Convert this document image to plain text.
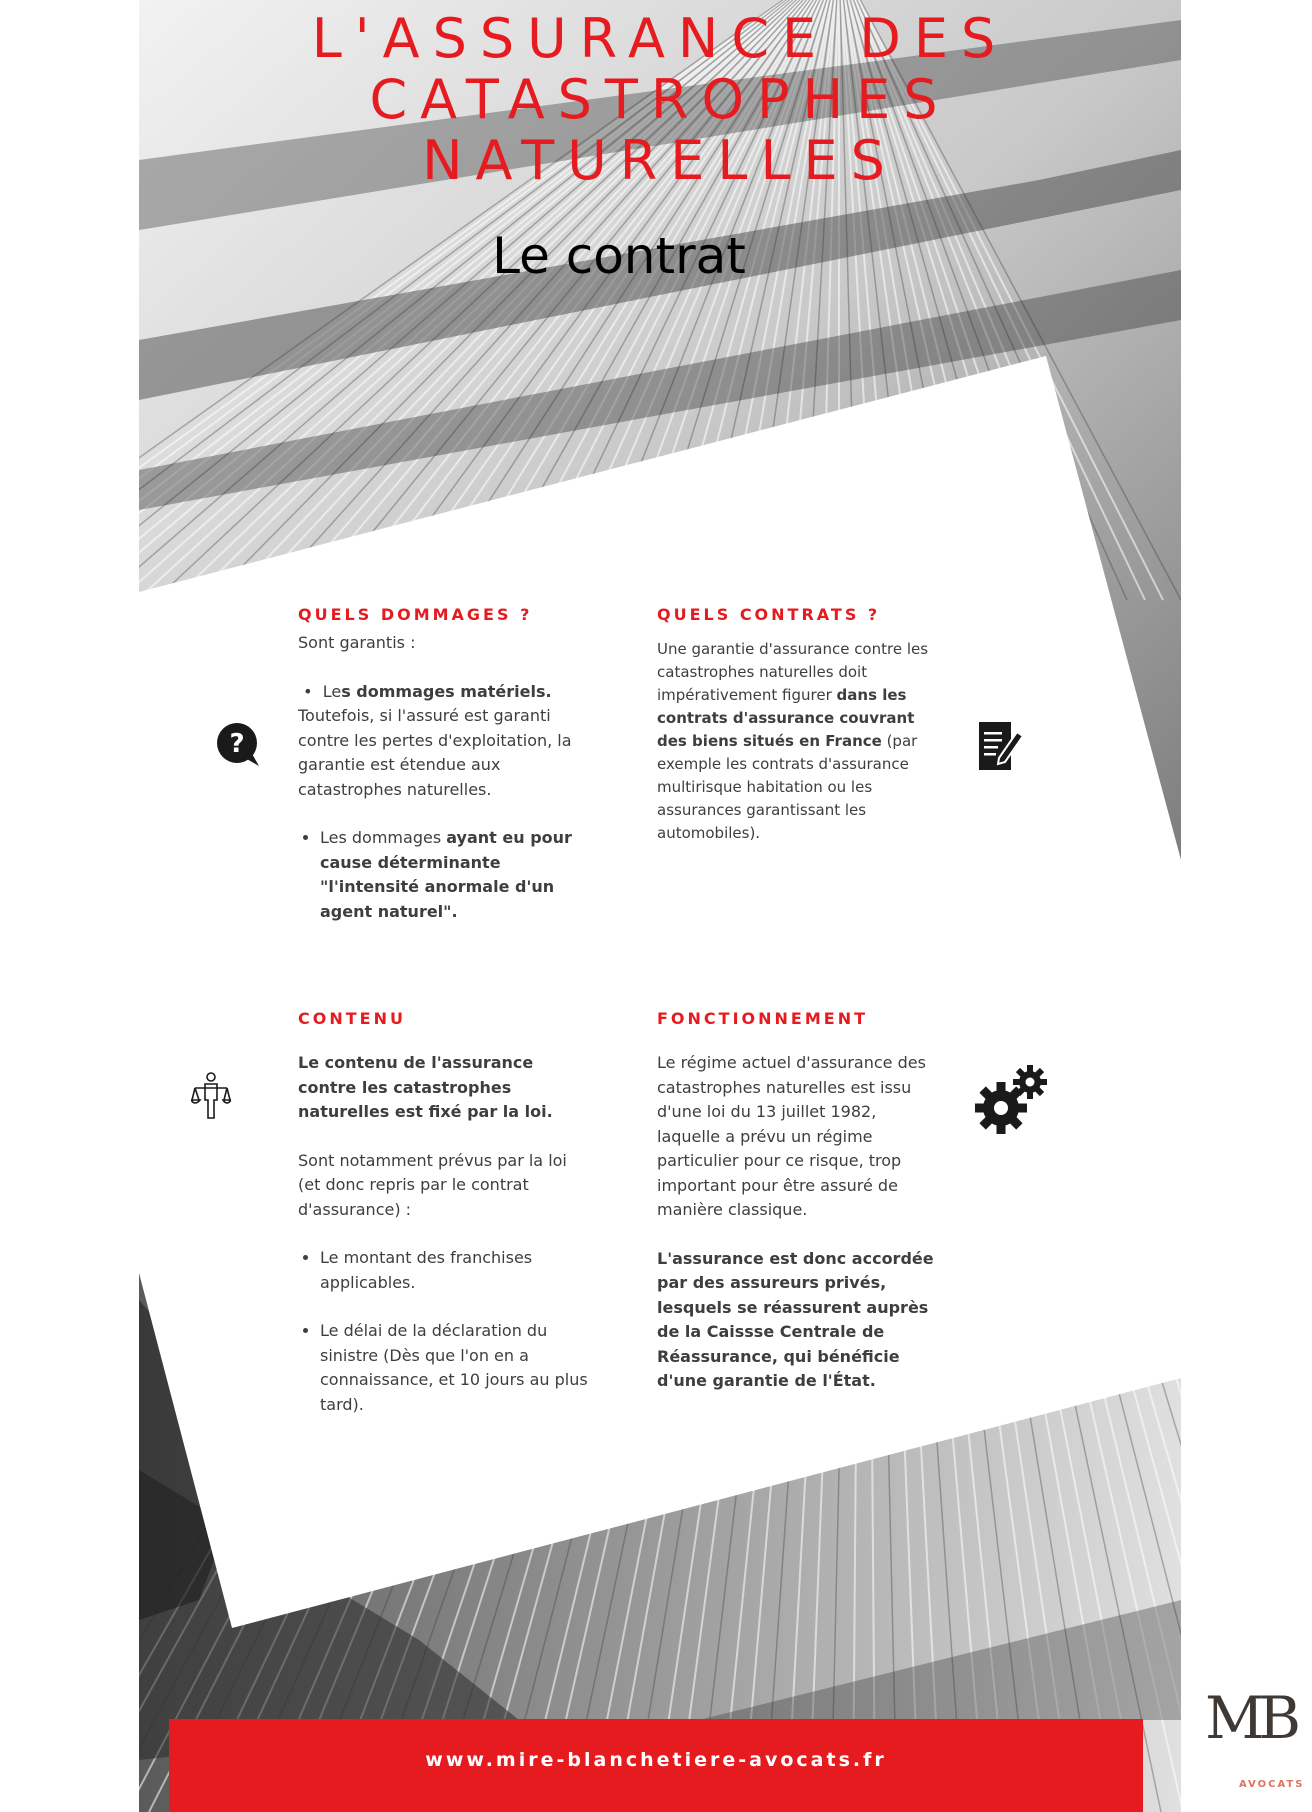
L'ASSURANCE DES
CATASTROPHES
NATURELLES
Le contrat
QUELS DOMMAGES ?
?

Sont garantis :

•  Les dommages matériels. Toutefois, si l'assuré est garanti contre les pertes d'exploitation, la garantie est étendue aux catastrophes naturelles.
• Les dommages ayant eu pour cause déterminante "l'intensité anormale d'un agent naturel".
QUELS CONTRATS ?
Une garantie d'assurance contre les catastrophes naturelles doit impérativement figurer dans les contrats d'assurance couvrant des biens situés en France (par exemple les contrats d'assurance multirisque habitation ou les assurances garantissant les automobiles).
CONTENU

Le contenu de l'assurance contre les catastrophes naturelles est fixé par la loi.

Sont notamment prévus par la loi (et donc repris par le contrat d'assurance) :

• Le montant des franchises applicables.
• Le délai de la déclaration du sinistre (Dès que l'on en a connaissance, et 10 jours au plus tard).
FONCTIONNEMENT

Le régime actuel d'assurance des catastrophes naturelles est issu d'une loi du 13 juillet 1982, laquelle a prévu un régime particulier pour ce risque, trop important pour être assuré de manière classique.

L'assurance est donc accordée par des assureurs privés, lesquels se réassurent auprès de la Caissse Centrale de Réassurance, qui bénéficie d'une garantie de l'État.

www.mire-blanchetiere-avocats.fr
MB
AVOCATS
